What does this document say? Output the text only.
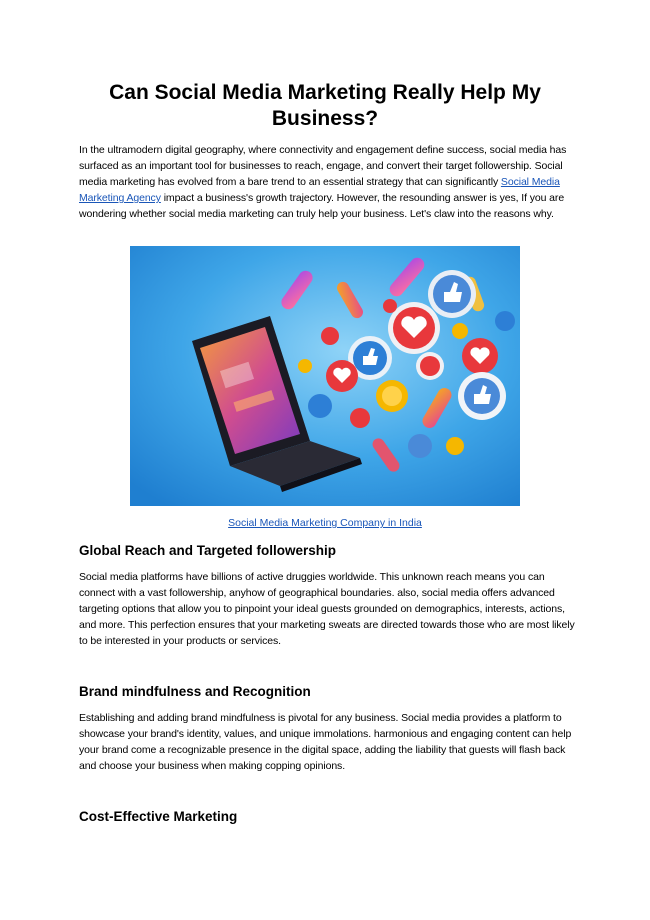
Can Social Media Marketing Really Help My Business?

In the ultramodern digital geography, where connectivity and engagement define success, social media has surfaced as an important tool for businesses to reach, engage, and convert their target followership. Social media marketing has evolved from a bare trend to an essential strategy that can significantly Social Media Marketing Agency impact a business's growth trajectory. However, the resounding answer is yes, If you are wondering whether social media marketing can truly help your business. Let's claw into the reasons why.

Social Media Marketing Company in India
Global Reach and Targeted followership

Social media platforms have billions of active druggies worldwide. This unknown reach means you can connect with a vast followership, anyhow of geographical boundaries. also, social media offers advanced targeting options that allow you to pinpoint your ideal guests grounded on demographics, interests, actions, and more. This perfection ensures that your marketing sweats are directed towards those who are most likely to be interested in your products or services.

Brand mindfulness and Recognition

Establishing and adding brand mindfulness is pivotal for any business. Social media provides a platform to showcase your brand's identity, values, and unique immolations. harmonious and engaging content can help your brand come a recognizable presence in the digital space, adding the liability that guests will flash back and choose your business when making copping opinions.

Cost-Effective Marketing
